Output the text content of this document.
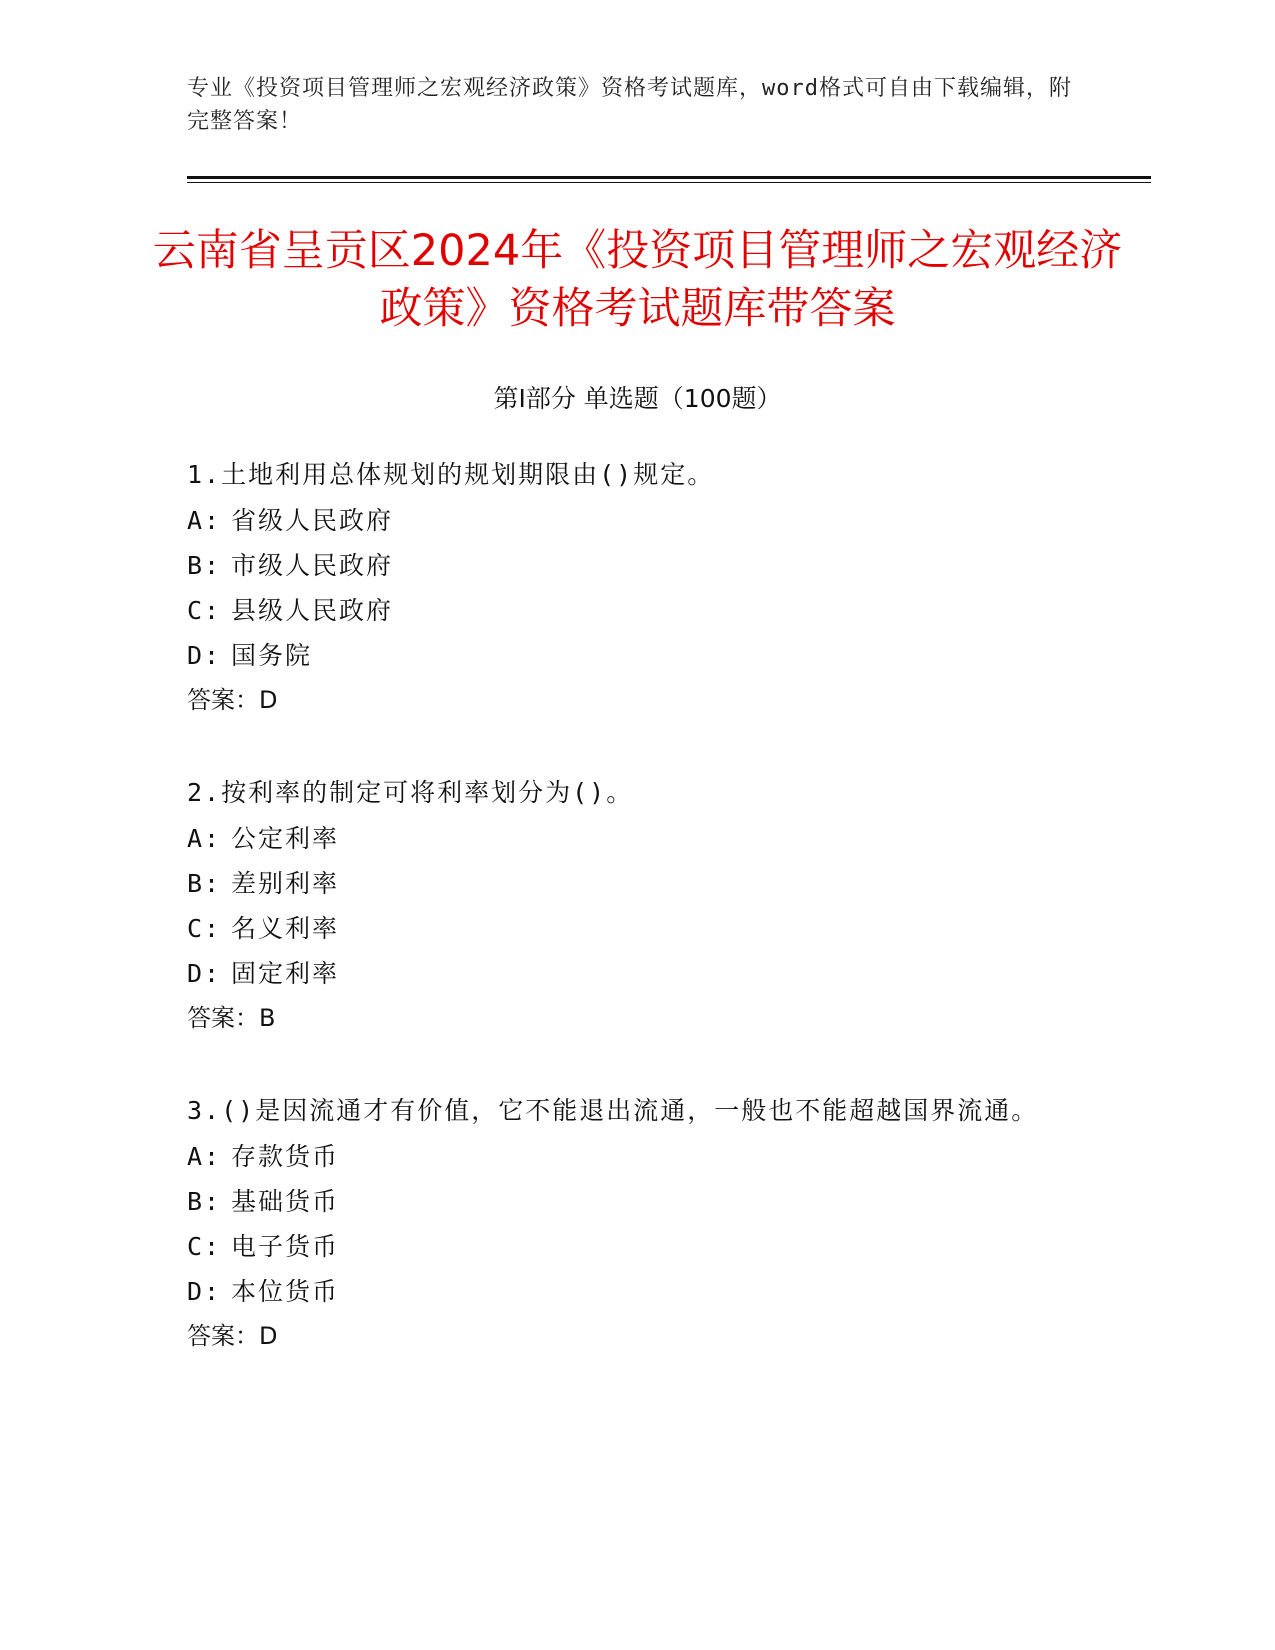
专业《投资项目管理师之宏观经济政策》资格考试题库，word格式可自由下载编辑，附完整答案！
云南省呈贡区2024年《投资项目管理师之宏观经济政策》资格考试题库带答案
第Ⅰ部分 单选题（100题）

1.土地利用总体规划的规划期限由()规定。

A: 省级人民政府

B: 市级人民政府

C: 县级人民政府

D: 国务院

答案：D

2.按利率的制定可将利率划分为()。

A: 公定利率

B: 差别利率

C: 名义利率

D: 固定利率

答案：B

3.()是因流通才有价值，它不能退出流通，一般也不能超越国界流通。

A: 存款货币

B: 基础货币

C: 电子货币

D: 本位货币

答案：D
